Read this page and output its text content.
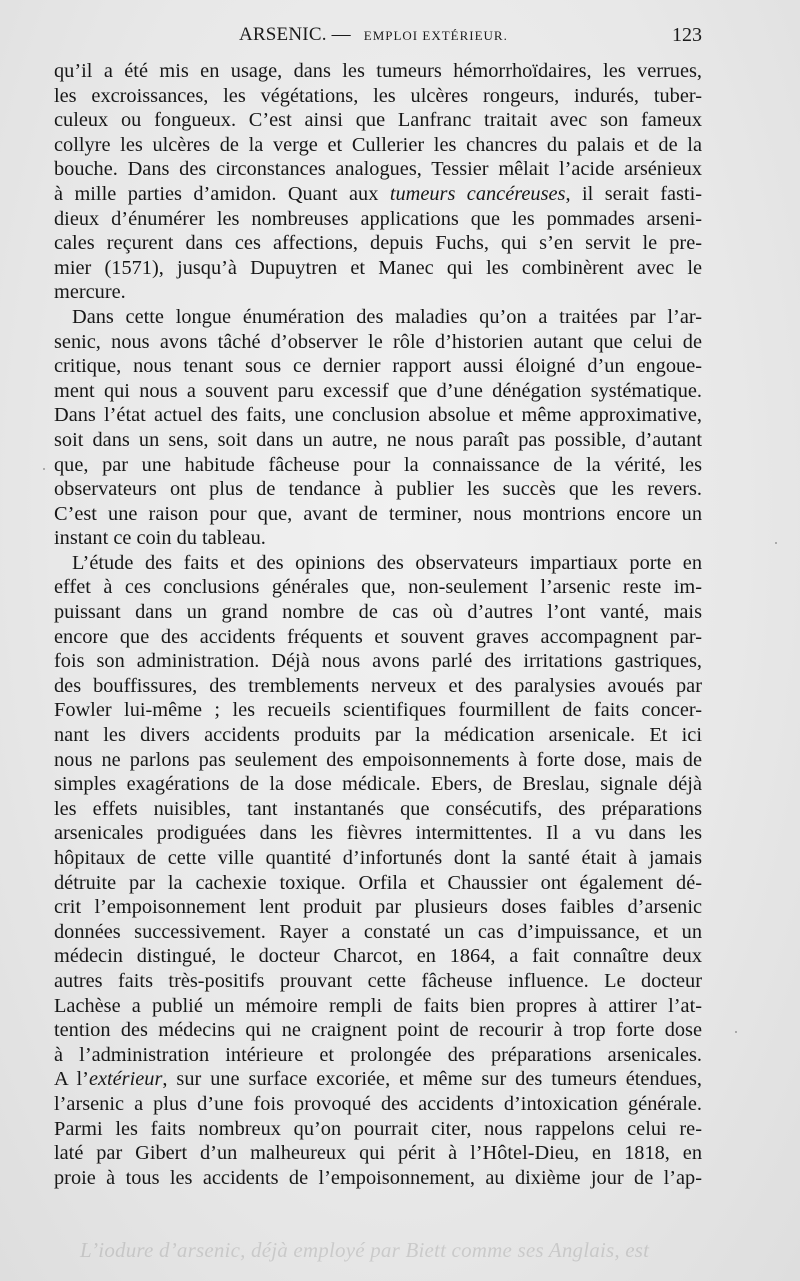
ARSENIC. — EMPLOI EXTÉRIEUR.	123
qu’il a été mis en usage, dans les tumeurs hémorrhoïdaires, les verrues,
les excroissances, les végétations, les ulcères rongeurs, indurés, tuber-
culeux ou fongueux. C’est ainsi que Lanfranc traitait avec son fameux
collyre les ulcères de la verge et Cullerier les chancres du palais et de la
bouche. Dans des circonstances analogues, Tessier mêlait l’acide arsénieux
à mille parties d’amidon. Quant aux tumeurs cancéreuses, il serait fasti-
dieux d’énumérer les nombreuses applications que les pommades arseni-
cales reçurent dans ces affections, depuis Fuchs, qui s’en servit le pre-
mier (1571), jusqu’à Dupuytren et Manec qui les combinèrent avec le
mercure.
Dans cette longue énumération des maladies qu’on a traitées par l’ar-
senic, nous avons tâché d’observer le rôle d’historien autant que celui de
critique, nous tenant sous ce dernier rapport aussi éloigné d’un engoue-
ment qui nous a souvent paru excessif que d’une dénégation systématique.
Dans l’état actuel des faits, une conclusion absolue et même approximative,
soit dans un sens, soit dans un autre, ne nous paraît pas possible, d’autant
que, par une habitude fâcheuse pour la connaissance de la vérité, les
observateurs ont plus de tendance à publier les succès que les revers.
C’est une raison pour que, avant de terminer, nous montrions encore un
instant ce coin du tableau.
L’étude des faits et des opinions des observateurs impartiaux porte en
effet à ces conclusions générales que, non-seulement l’arsenic reste im-
puissant dans un grand nombre de cas où d’autres l’ont vanté, mais
encore que des accidents fréquents et souvent graves accompagnent par-
fois son administration. Déjà nous avons parlé des irritations gastriques,
des bouffissures, des tremblements nerveux et des paralysies avoués par
Fowler lui-même ; les recueils scientifiques fourmillent de faits concer-
nant les divers accidents produits par la médication arsenicale. Et ici
nous ne parlons pas seulement des empoisonnements à forte dose, mais de
simples exagérations de la dose médicale. Ebers, de Breslau, signale déjà
les effets nuisibles, tant instantanés que consécutifs, des préparations
arsenicales prodiguées dans les fièvres intermittentes. Il a vu dans les
hôpitaux de cette ville quantité d’infortunés dont la santé était à jamais
détruite par la cachexie toxique. Orfila et Chaussier ont également dé-
crit l’empoisonnement lent produit par plusieurs doses faibles d’arsenic
données successivement. Rayer a constaté un cas d’impuissance, et un
médecin distingué, le docteur Charcot, en 1864, a fait connaître deux
autres faits très-positifs prouvant cette fâcheuse influence. Le docteur
Lachèse a publié un mémoire rempli de faits bien propres à attirer l’at-
tention des médecins qui ne craignent point de recourir à trop forte dose
à l’administration intérieure et prolongée des préparations arsenicales.
A l’extérieur, sur une surface excoriée, et même sur des tumeurs étendues,
l’arsenic a plus d’une fois provoqué des accidents d’intoxication générale.
Parmi les faits nombreux qu’on pourrait citer, nous rappelons celui re-
laté par Gibert d’un malheureux qui périt à l’Hôtel-Dieu, en 1818, en
proie à tous les accidents de l’empoisonnement, au dixième jour de l’ap-
L’iodure d’arsenic, déjà employé par Biett comme ses Anglais, est
